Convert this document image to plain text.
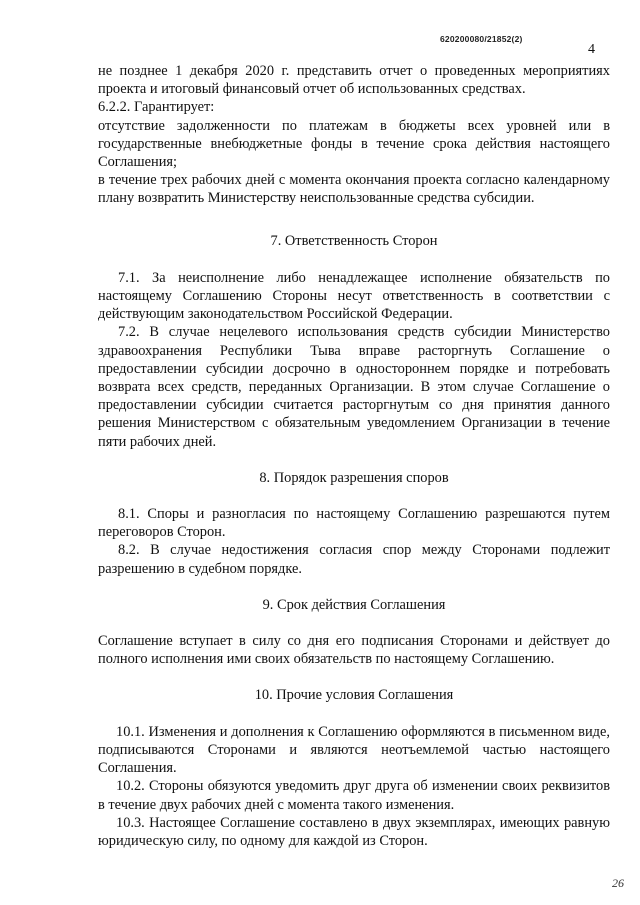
620200080/21852(2)
4

не позднее 1 декабря 2020 г. представить отчет о проведенных мероприятиях проекта и итоговый финансовый отчет об использованных средствах.

6.2.2. Гарантирует:

отсутствие задолженности по платежам в бюджеты всех уровней или в государственные внебюджетные фонды в течение срока действия настоящего Соглашения;

в течение трех рабочих дней с момента окончания проекта согласно календарному плану возвратить Министерству неиспользованные средства субсидии.

7. Ответственность Сторон

7.1. За неисполнение либо ненадлежащее исполнение обязательств по настоящему Соглашению Стороны несут ответственность в соответствии с действующим законодательством Российской Федерации.

7.2. В случае нецелевого использования средств субсидии Министерство здравоохранения Республики Тыва вправе расторгнуть Соглашение о предоставлении субсидии досрочно в одностороннем порядке и потребовать возврата всех средств, переданных Организации. В этом случае Соглашение о предоставлении субсидии считается расторгнутым со дня принятия данного решения Министерством с обязательным уведомлением Организации в течение пяти рабочих дней.

8. Порядок разрешения споров

8.1. Споры и разногласия по настоящему Соглашению разрешаются путем переговоров Сторон.

8.2. В случае недостижения согласия спор между Сторонами подлежит разрешению в судебном порядке.

9. Срок действия Соглашения

Соглашение вступает в силу со дня его подписания Сторонами и действует до полного исполнения ими своих обязательств по настоящему Соглашению.

10. Прочие условия Соглашения

10.1. Изменения и дополнения к Соглашению оформляются в письменном виде, подписываются Сторонами и являются неотъемлемой частью настоящего Соглашения.

10.2. Стороны обязуются уведомить друг друга об изменении своих реквизитов в течение двух рабочих дней с момента такого изменения.

10.3. Настоящее Соглашение составлено в двух экземплярах, имеющих равную юридическую силу, по одному для каждой из Сторон.

26
